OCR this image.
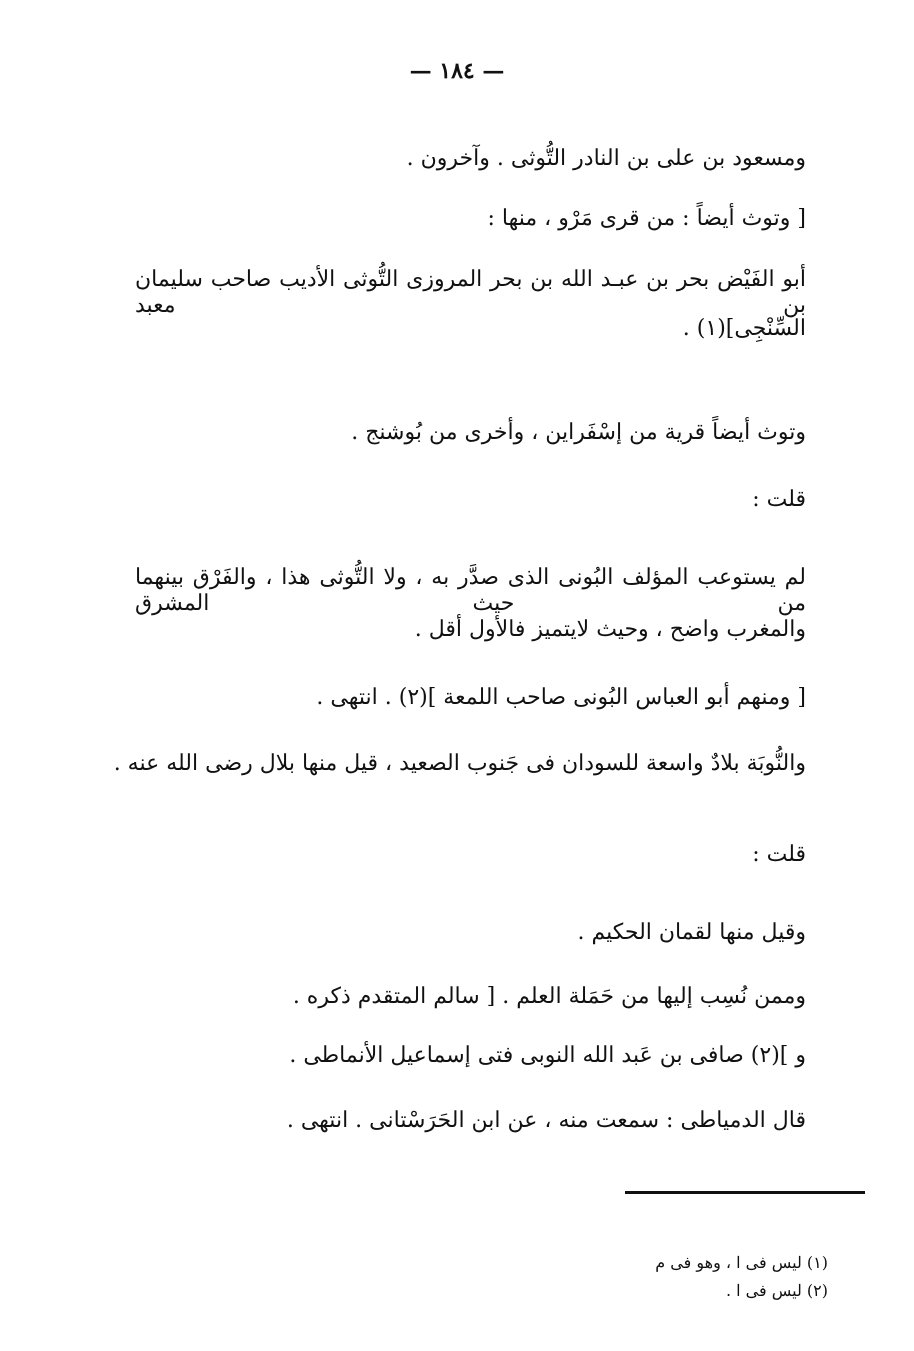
— ١٨٤ —
ومسعود بن على بن النادر التُّوثى . وآخرون .
[ وتوث أيضاً : من قرى مَرْو ، منها :
أبو الفَيْض بحر بن عبـد الله بن بحر المروزى التُّوثى الأديب صاحب سليمان بن معبد
السِّنْجِى](١) .
وتوث أيضاً قرية من إسْفَراين ، وأخرى من بُوشنج .
قلت :
لم يستوعب المؤلف البُونى الذى صدَّر به ، ولا التُّوثى هذا ، والفَرْق بينهما من حيث المشرق
والمغرب واضح ، وحيث لايتميز فالأول أقل .
[ ومنهم أبو العباس البُونى صاحب اللمعة ](٢) . انتهى .
والنُّوبَة بلادٌ واسعة للسودان فى جَنوب الصعيد ، قيل منها بلال رضى الله عنه .
قلت :
وقيل منها لقمان الحكيم .
وممن نُسِب إليها من حَمَلة العلم . [ سالم المتقدم ذكره .
و ](٢) صافى بن عَبد الله النوبى فتى إسماعيل الأنماطى .
قال الدمياطى : سمعت منه ، عن ابن الحَرَسْتانى . انتهى .
(١) ليس فى ا ، وهو فى م
(٢) ليس فى ا .
